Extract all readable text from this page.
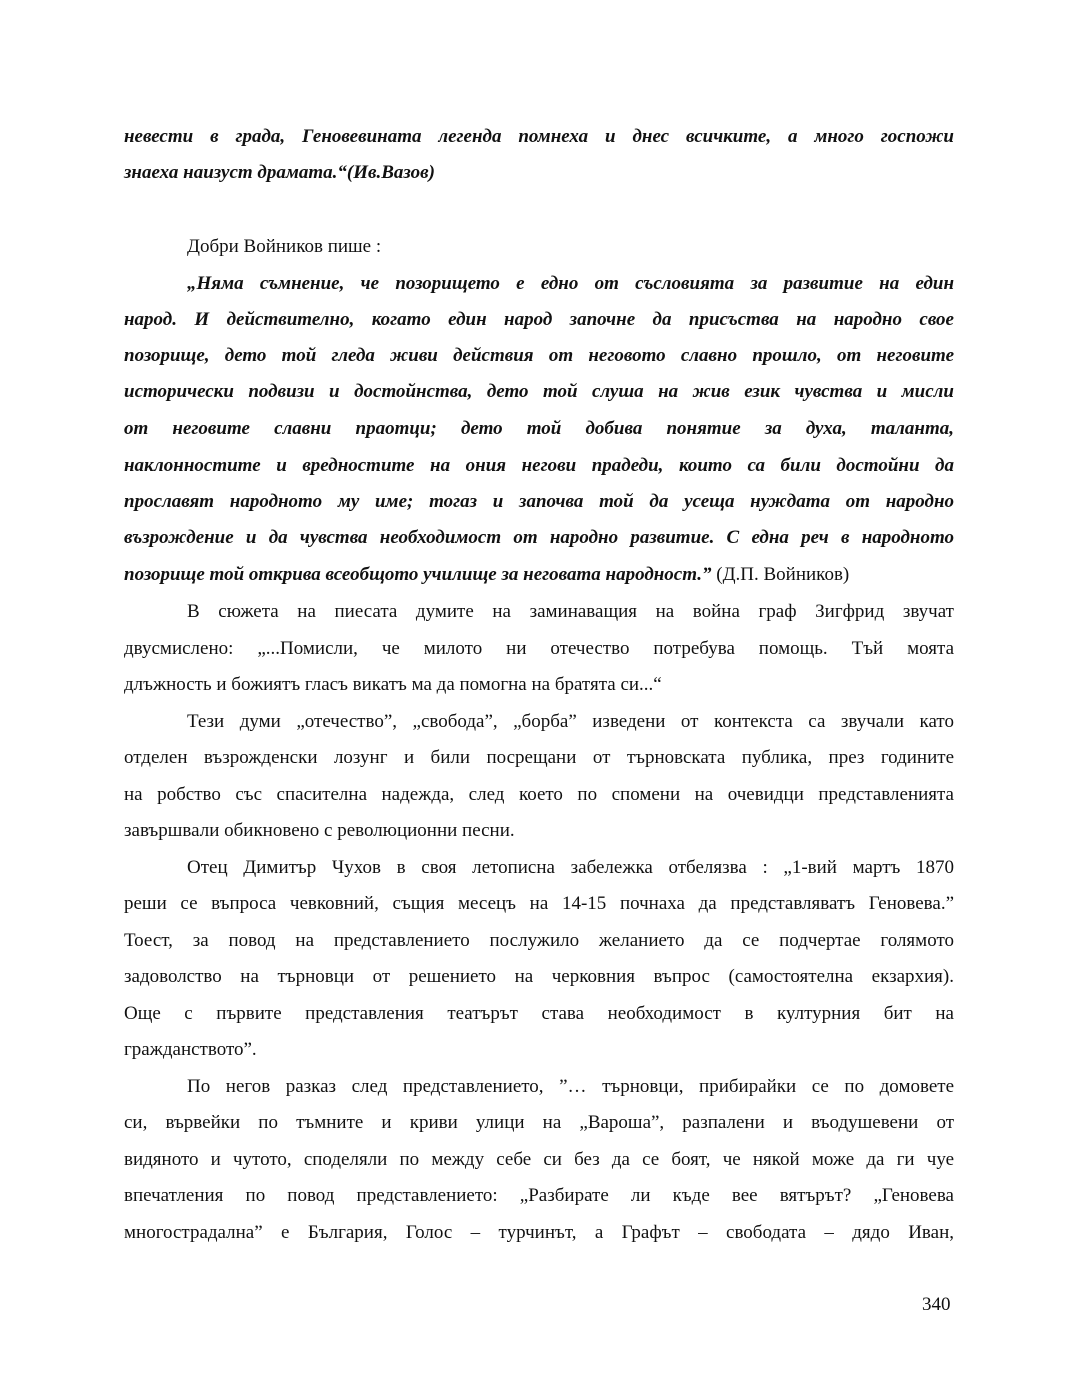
невести в града, Геновевината легенда помнеха и днес всичките, а много госпожи
знаеха наизуст драмата.“(Ив.Вазов)
Добри Войников пише :
„Няма съмнение, че позорището е едно от съсловията за развитие на един
народ. И действително, когато един народ започне да присъства на народно свое
позорище, дето той гледа живи действия от неговото славно прошло, от неговите
исторически подвизи и достойнства, дето той слуша на жив език чувства и мисли
от неговите славни праотци; дето той добива понятие за духа, таланта,
наклонностите и вредностите на ония негови прадеди, които са били достойни да
прославят народното му име; тогаз и започва той да усеща нуждата от народно
възрождение и да чувства необходимост от народно развитие. С една реч в народното
позорище той открива всеобщото училище за неговата народност.” (Д.П. Войников)
В сюжета на пиесата думите на заминаващия на война граф Зигфрид звучат
двусмислено: „...Помисли, че милото ни отечество потребува помощь. Тъй моята
длъжность и божиятъ гласъ викатъ ма да помогна на братята си...“
Тези думи „отечество”, „свобода”, „борба” изведени от контекста са звучали като
отделен възрожденски лозунг и били посрещани от търновската публика, през годините
на робство със спасителна надежда, след което по спомени на очевидци представленията
завършвали обикновено с революционни песни.
Отец Димитър Чухов в своя летописна забележка отбелязва : „1-вий мартъ 1870
реши се въпроса чевковний, същия месецъ на 14-15 почнаха да представляватъ Геновева.”
Тоест, за повод на представлението послужило желанието да се подчертае голямото
задоволство на търновци от решението на черковния въпрос (самостоятелна екзархия).
Още с първите представления театърът става необходимост в културния бит на
гражданството”.
По негов разказ след представлението, ”… търновци, прибирайки се по домовете
си, вървейки по тъмните и криви улици на „Вароша”, разпалени и въодушевени от
видяното и чутото, споделяли по между себе си без да се боят, че някой може да ги чуе
впечатления по повод представлението: „Разбирате ли къде вее вятърът? „Геновева
многострадална” е България, Голос – турчинът, а Графът – свободата – дядо Иван,
340
